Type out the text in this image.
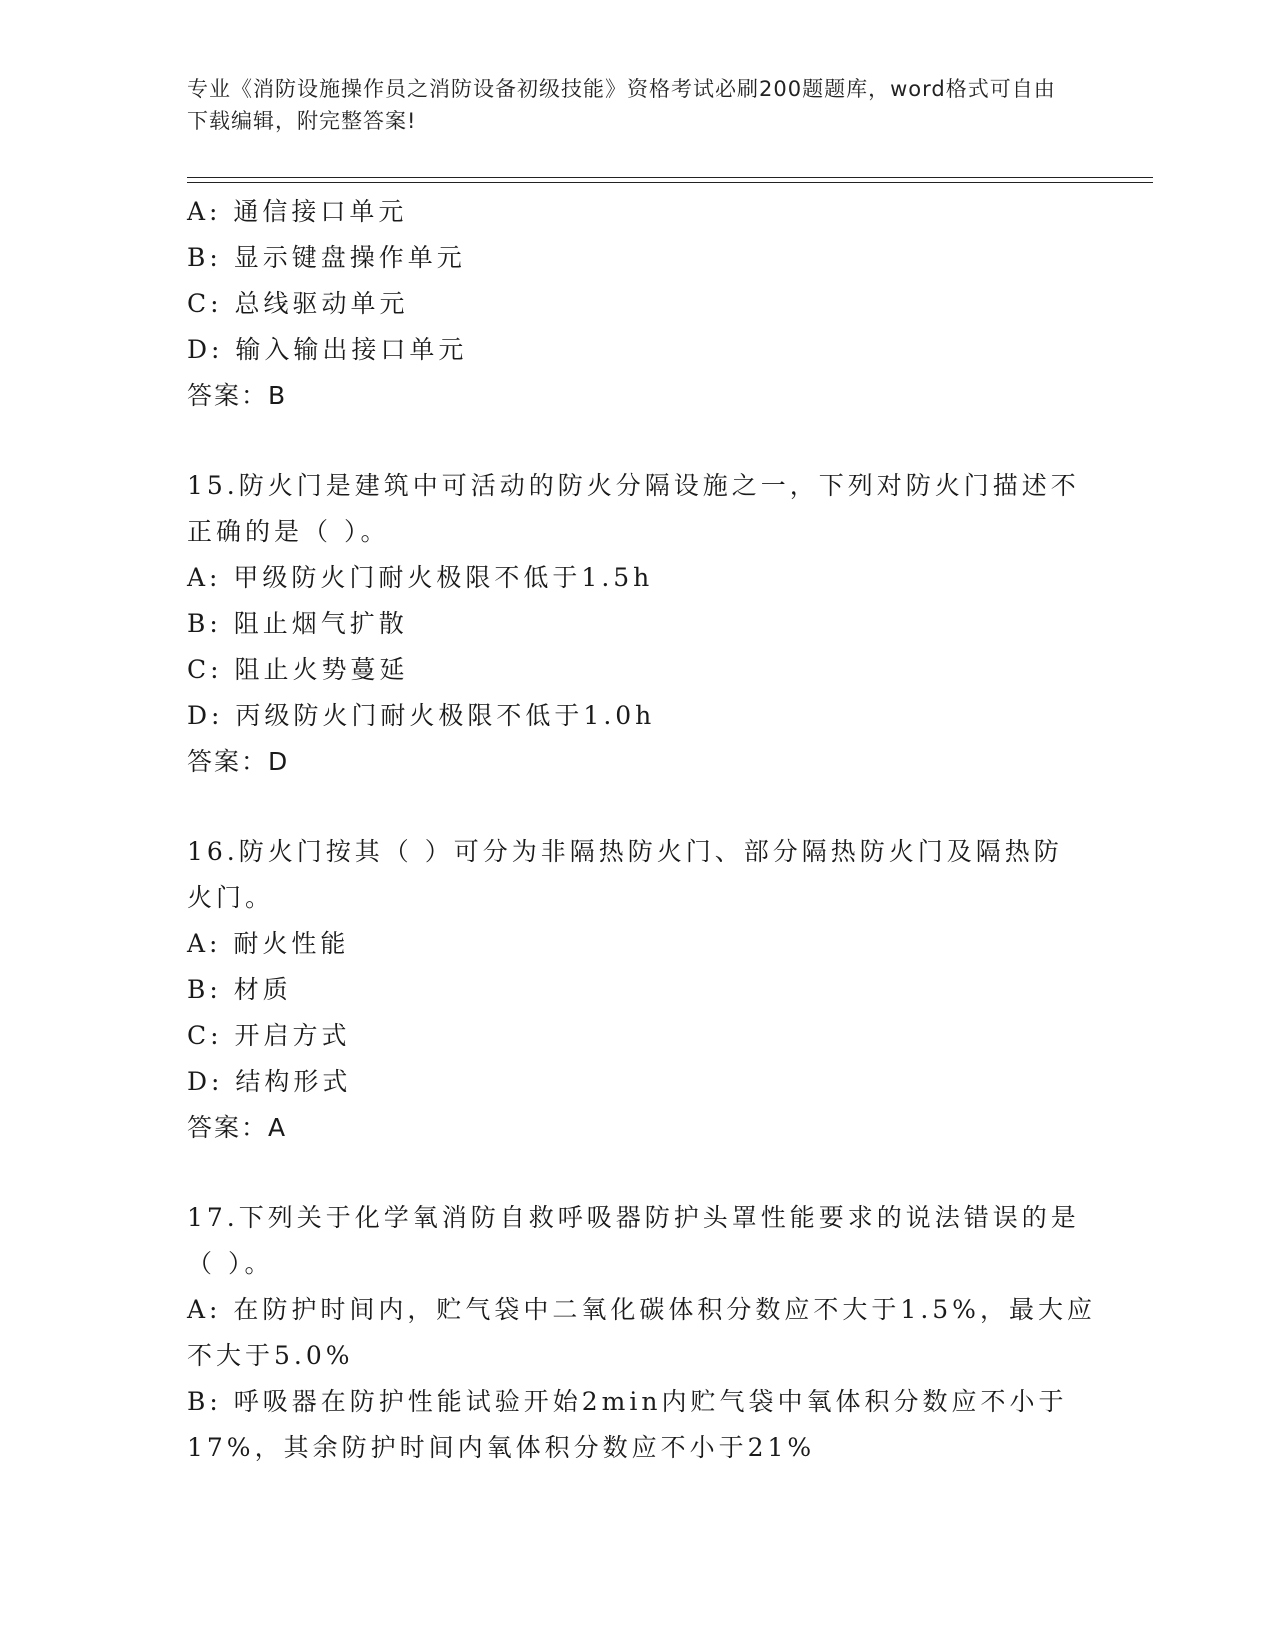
专业《消防设施操作员之消防设备初级技能》资格考试必刷200题题库，word格式可自由下载编辑，附完整答案!
A: 通信接口单元
B: 显示键盘操作单元
C: 总线驱动单元
D: 输入输出接口单元
答案：B
15.防火门是建筑中可活动的防火分隔设施之一，下列对防火门描述不
正确的是（ ）。
A: 甲级防火门耐火极限不低于1.5h
B: 阻止烟气扩散
C: 阻止火势蔓延
D: 丙级防火门耐火极限不低于1.0h
答案：D
16.防火门按其（ ）可分为非隔热防火门、部分隔热防火门及隔热防
火门。
A: 耐火性能
B: 材质
C: 开启方式
D: 结构形式
答案：A
17.下列关于化学氧消防自救呼吸器防护头罩性能要求的说法错误的是
（ ）。
A: 在防护时间内，贮气袋中二氧化碳体积分数应不大于1.5%，最大应
不大于5.0%
B: 呼吸器在防护性能试验开始2min内贮气袋中氧体积分数应不小于
17%，其余防护时间内氧体积分数应不小于21%
